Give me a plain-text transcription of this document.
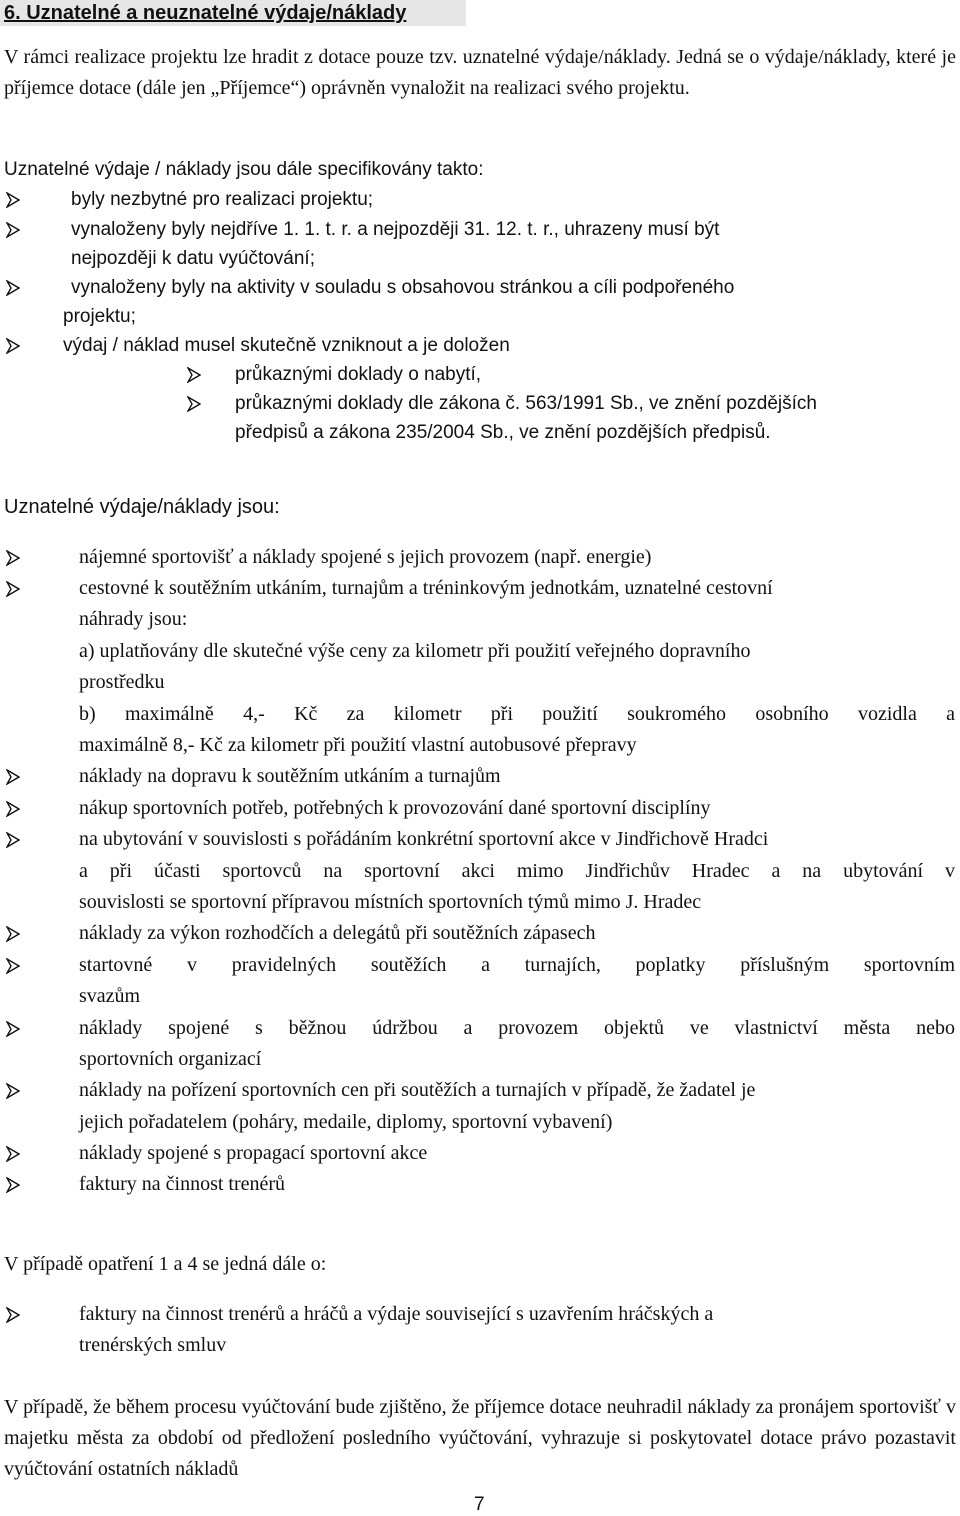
6. Uznatelné a neuznatelné výdaje/náklady
V rámci realizace projektu lze hradit z dotace pouze tzv. uznatelné výdaje/náklady. Jedná se o výdaje/náklady, které je příjemce dotace (dále jen „Příjemce“) oprávněn vynaložit na realizaci svého projektu.
Uznatelné výdaje / náklady jsou dále specifikovány takto:
byly nezbytné pro realizaci projektu;
vynaloženy byly nejdříve 1. 1. t. r. a nejpozději 31. 12. t. r., uhrazeny musí být
nejpozději k datu vyúčtování;
vynaloženy byly na aktivity v souladu s obsahovou stránkou a cíli podpořeného
projektu;
výdaj / náklad musel skutečně vzniknout a je doložen
průkaznými doklady o nabytí,
průkaznými doklady dle zákona č. 563/1991 Sb., ve znění pozdějších
předpisů a zákona 235/2004 Sb., ve znění pozdějších předpisů.
Uznatelné výdaje/náklady jsou:
nájemné sportovišť a náklady spojené s jejich provozem (např. energie)
cestovné k soutěžním utkáním, turnajům a tréninkovým jednotkám, uznatelné cestovní
náhrady jsou:
a) uplatňovány dle skutečné výše ceny za kilometr při použití veřejného dopravního
prostředku
b) maximálně 4,- Kč za kilometr při použití soukromého osobního vozidla a
maximálně 8,- Kč za kilometr při použití vlastní autobusové přepravy
náklady na dopravu k soutěžním utkáním a turnajům
nákup sportovních potřeb, potřebných k provozování dané sportovní disciplíny
na ubytování v souvislosti s pořádáním konkrétní sportovní akce v Jindřichově Hradci
a při účasti sportovců na sportovní akci mimo Jindřichův Hradec a na ubytování v
souvislosti se sportovní přípravou místních sportovních týmů mimo J. Hradec
náklady za výkon rozhodčích a delegátů při soutěžních zápasech
startovné v pravidelných soutěžích a turnajích, poplatky příslušným sportovním
svazům
náklady spojené s běžnou údržbou a provozem objektů ve vlastnictví města nebo
sportovních organizací
náklady na pořízení sportovních cen při soutěžích a turnajích v případě, že žadatel je
jejich pořadatelem (poháry, medaile, diplomy, sportovní vybavení)
náklady spojené s propagací sportovní akce
faktury na činnost trenérů
V případě opatření 1 a 4 se jedná dále o:
faktury na činnost trenérů a hráčů a výdaje související s uzavřením hráčských a
trenérských smluv
V případě, že během procesu vyúčtování bude zjištěno, že příjemce dotace neuhradil náklady za pronájem sportovišť v majetku města za období od předložení posledního vyúčtování, vyhrazuje si poskytovatel dotace právo pozastavit vyúčtování ostatních nákladů
7
